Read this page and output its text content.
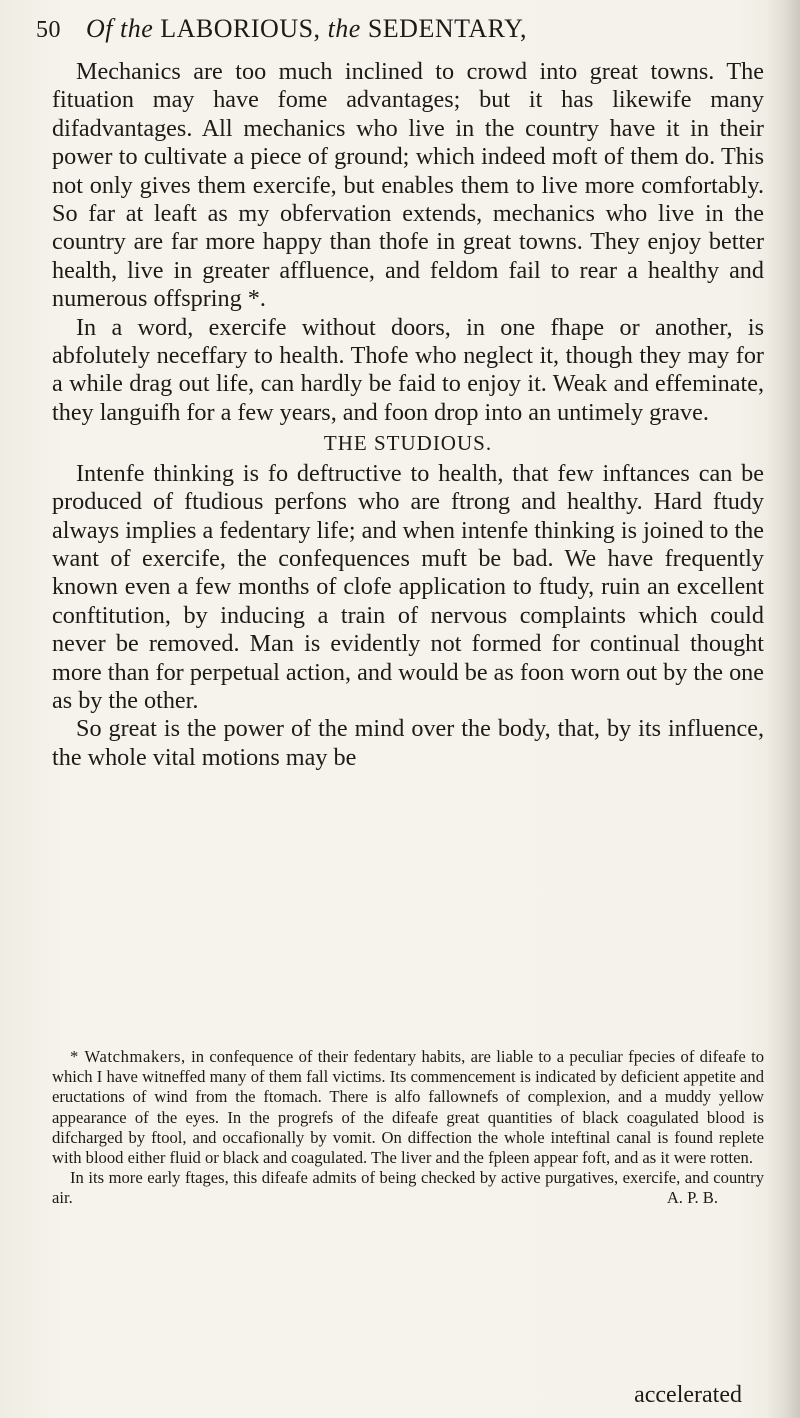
50 Of the LABORIOUS, the SEDENTARY,

Mechanics are too much inclined to crowd into great towns. The fituation may have fome advantages; but it has likewife many difadvantages. All mechanics who live in the country have it in their power to cultivate a piece of ground; which indeed moft of them do. This not only gives them exercife, but enables them to live more comfortably. So far at leaft as my obfervation extends, mechanics who live in the country are far more happy than thofe in great towns. They enjoy better health, live in greater affluence, and feldom fail to rear a healthy and numerous offspring *.

In a word, exercife without doors, in one fhape or another, is abfolutely neceffary to health. Thofe who neglect it, though they may for a while drag out life, can hardly be faid to enjoy it. Weak and effeminate, they languifh for a few years, and foon drop into an untimely grave.

THE STUDIOUS.

Intenfe thinking is fo deftructive to health, that few inftances can be produced of ftudious perfons who are ftrong and healthy. Hard ftudy always implies a fedentary life; and when intenfe thinking is joined to the want of exercife, the confequences muft be bad. We have frequently known even a few months of clofe application to ftudy, ruin an excellent conftitution, by inducing a train of nervous complaints which could never be removed. Man is evidently not formed for continual thought more than for perpetual action, and would be as foon worn out by the one as by the other.

So great is the power of the mind over the body, that, by its influence, the whole vital motions may be

* Watchmakers, in confequence of their fedentary habits, are liable to a peculiar fpecies of difeafe to which I have witneffed many of them fall victims. Its commencement is indicated by deficient appetite and eructations of wind from the ftomach. There is alfo fallownefs of complexion, and a muddy yellow appearance of the eyes. In the progrefs of the difeafe great quantities of black coagulated blood is difcharged by ftool, and occafionally by vomit. On diffection the whole inteftinal canal is found replete with blood either fluid or black and coagulated. The liver and the fpleen appear foft, and as it were rotten.

In its more early ftages, this difeafe admits of being checked by active purgatives, exercife, and country air.	A. P. B.

accelerated
